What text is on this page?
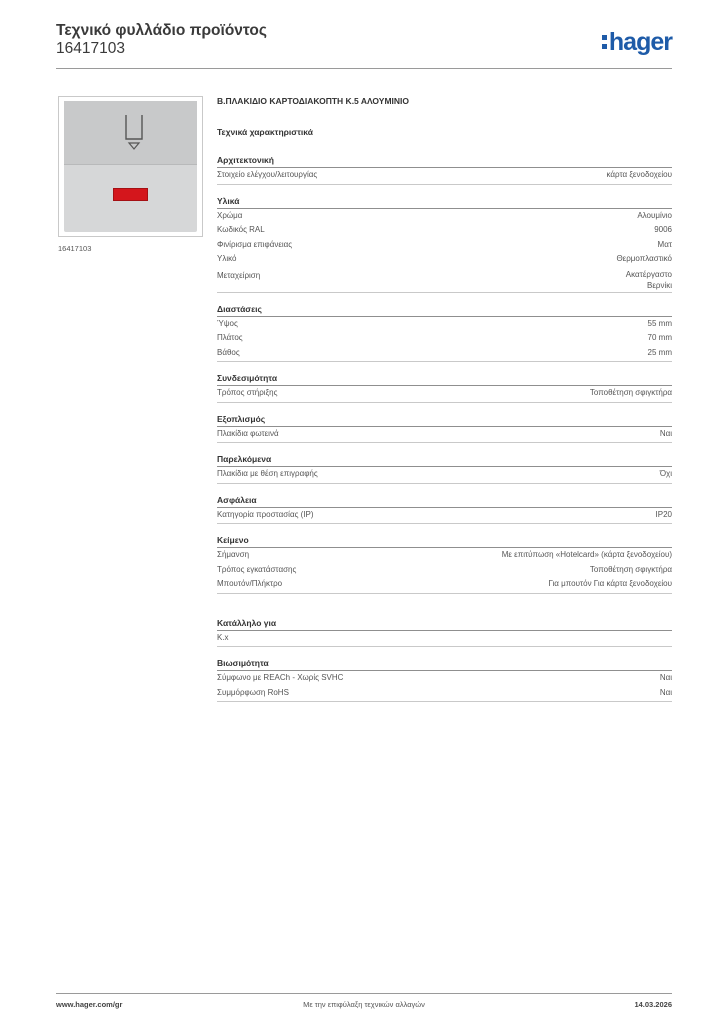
Τεχνικό φυλλάδιο προϊόντος
16417103	hager
16417103
Β.ΠΛΑΚΙΔΙΟ ΚΑΡΤΟΔΙΑΚΟΠΤΗ Κ.5 ΑΛΟΥΜΙΝΙΟ
Τεχνικά χαρακτηριστικά
Αρχιτεκτονική
Στοιχείο ελέγχου/λειτουργίας	κάρτα ξενοδοχείου
Υλικά
Χρώμα	Αλουμίνιο
Κωδικός RAL	9006
Φινίρισμα επιφάνειας	Ματ
Υλικό	Θερμοπλαστικό
Μεταχείριση	Ακατέργαστο
Βερνίκι
Διαστάσεις
Ύψος	55 mm
Πλάτος	70 mm
Βάθος	25 mm
Συνδεσιμότητα
Τρόπος στήριξης	Τοποθέτηση σφιγκτήρα
Εξοπλισμός
Πλακίδια φωτεινά	Ναι
Παρελκόμενα
Πλακίδια με θέση επιγραφής	Όχι
Ασφάλεια
Κατηγορία προστασίας (IP)	IP20
Κείμενο
Σήμανση	Με επιτύπωση «Hotelcard» (κάρτα ξενοδοχείου)
Τρόπος εγκατάστασης	Τοποθέτηση σφιγκτήρα
Μπουτόν/Πλήκτρο	Για μπουτόν Για κάρτα ξενοδοχείου
Κατάλληλο για
K.x
Βιωσιμότητα
Σύμφωνο με REACh - Χωρίς SVHC	Ναι
Συμμόρφωση RoHS	Ναι
www.hager.com/gr	Με την επιφύλαξη τεχνικών αλλαγών	14.03.2026
